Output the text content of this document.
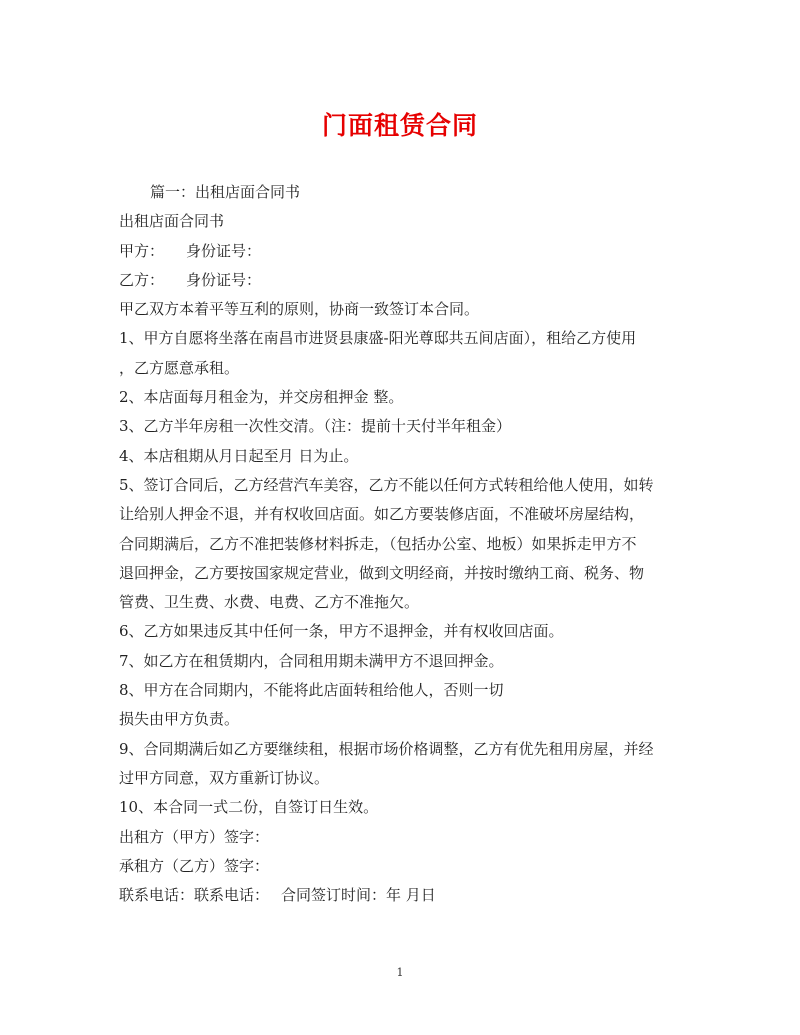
门面租赁合同
篇一：出租店面合同书
出租店面合同书
甲方： 身份证号：
乙方： 身份证号：
甲乙双方本着平等互利的原则，协商一致签订本合同。
1、甲方自愿将坐落在南昌市进贤县康盛-阳光尊邸共五间店面），租给乙方使用
，乙方愿意承租。
2、本店面每月租金为，并交房租押金 整。
3、乙方半年房租一次性交清。（注：提前十天付半年租金）
4、本店租期从月日起至月 日为止。
5、签订合同后，乙方经营汽车美容，乙方不能以任何方式转租给他人使用，如转
让给别人押金不退，并有权收回店面。如乙方要装修店面，不准破坏房屋结构，
合同期满后，乙方不准把装修材料拆走，（包括办公室、地板）如果拆走甲方不
退回押金，乙方要按国家规定营业，做到文明经商，并按时缴纳工商、税务、物
管费、卫生费、水费、电费、乙方不准拖欠。
6、乙方如果违反其中任何一条，甲方不退押金，并有权收回店面。
7、如乙方在租赁期内，合同租用期未满甲方不退回押金。
8、甲方在合同期内，不能将此店面转租给他人，否则一切
损失由甲方负责。
9、合同期满后如乙方要继续租，根据市场价格调整，乙方有优先租用房屋，并经
过甲方同意，双方重新订协议。
10、本合同一式二份，自签订日生效。
出租方（甲方）签字：
承租方（乙方）签字：
联系电话：联系电话： 合同签订时间：年 月日
1
